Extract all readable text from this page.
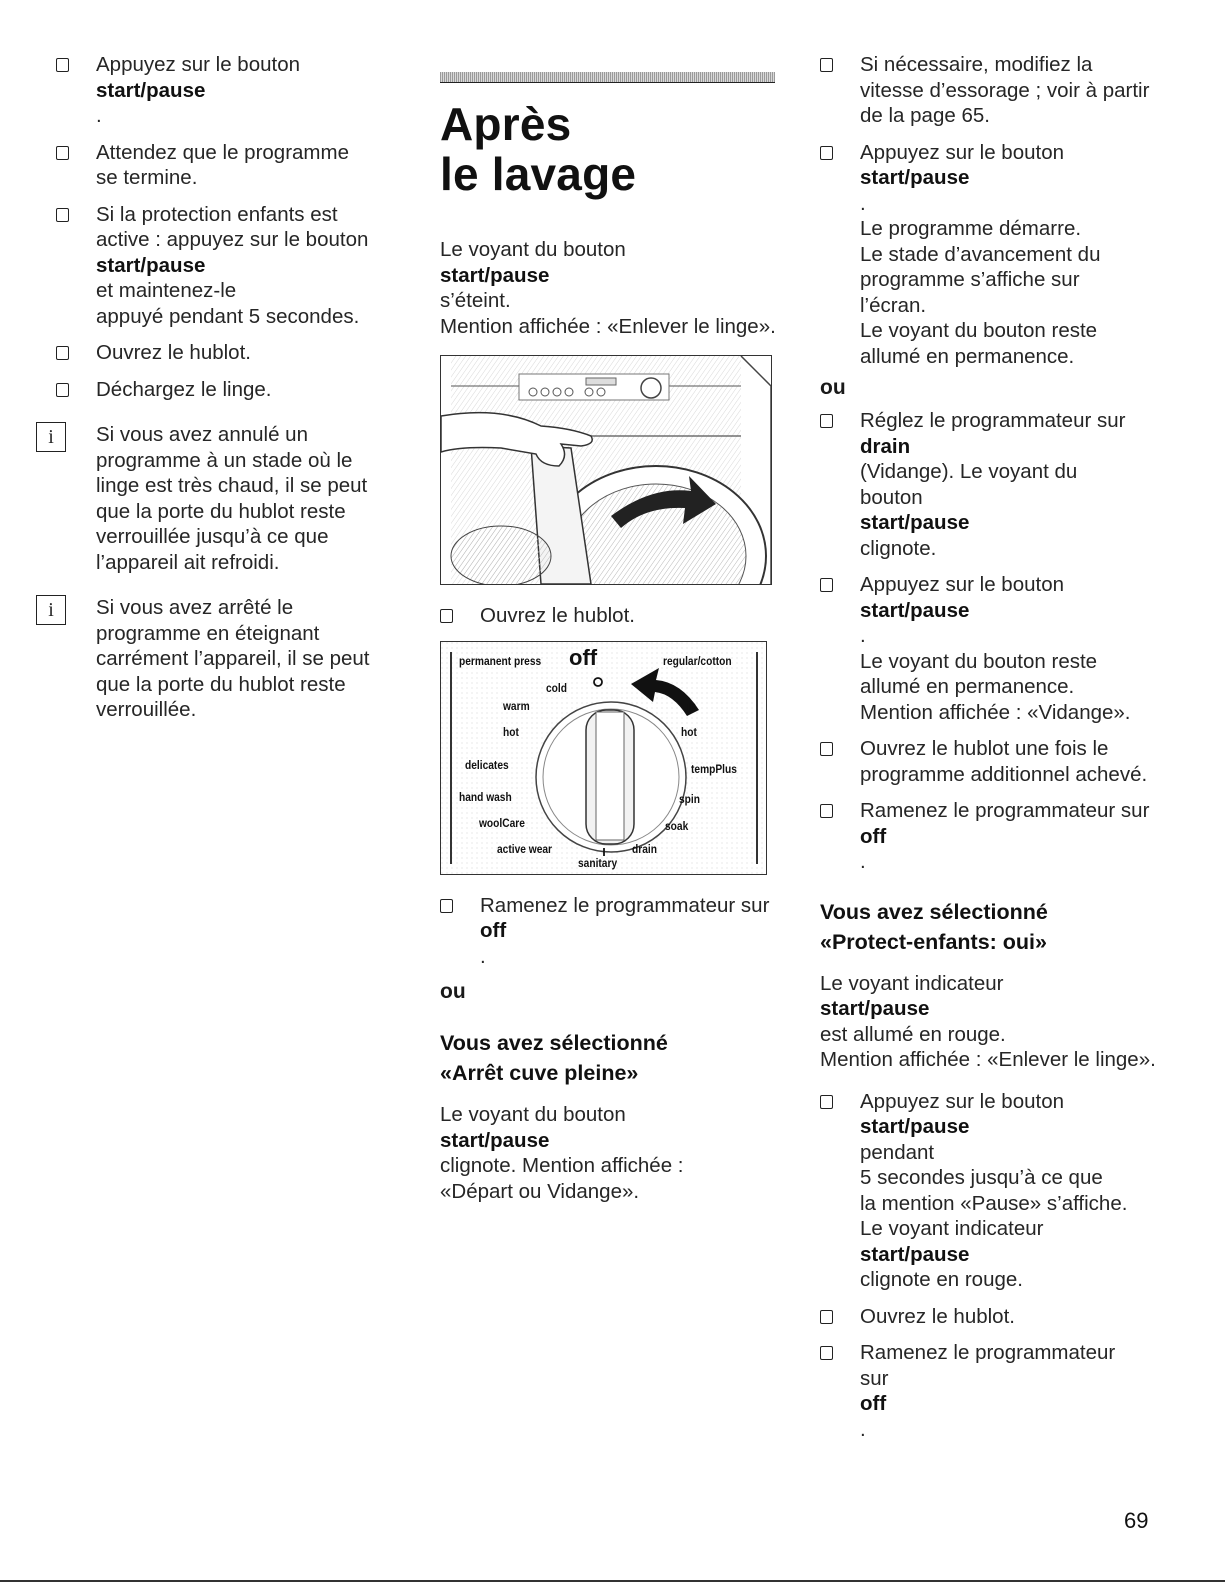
Appuyez sur le bouton
start/pause
.
Attendez que le programme
se termine.
Si la protection enfants est
active : appuyez sur le bouton
start/pause
et maintenez-le
appuyé pendant 5 secondes.
Ouvrez le hublot.
Déchargez le linge.
i	Si vous avez annulé un
programme à un stade où le
linge est très chaud, il se peut
que la porte du hublot reste
verrouillée jusqu’à ce que
l’appareil ait refroidi.
i	Si vous avez arrêté le
programme en éteignant
carrément l’appareil, il se peut
que la porte du hublot reste
verrouillée.
Après
le lavage
Le voyant du bouton
start/pause
s’éteint.
Mention affichée : «Enlever le linge».
Ouvrez le hublot.
permanent press off	regular/cotton
cold
warm	m
hot	hot
delicates	tempPlus
hand wash	spin
woolCare	soak
active wear	drain
sanitary
Ramenez le programmateur sur
off
.
ou
Vous avez sélectionné
«Arrêt cuve pleine»
Le voyant du bouton
start/pause
clignote. Mention affichée :
«Départ ou Vidange».
Si nécessaire, modifiez la
vitesse d’essorage ; voir à partir
de la page 65.
Appuyez sur le bouton
start/pause
.
Le programme démarre.
Le stade d’avancement du
programme s’affiche sur
l’écran.
Le voyant du bouton reste
allumé en permanence.
ou
Réglez le programmateur sur
drain
(Vidange). Le voyant du
bouton
start/pause
clignote.
Appuyez sur le bouton
start/pause
.
Le voyant du bouton reste
allumé en permanence.
Mention affichée : «Vidange».
Ouvrez le hublot une fois le
programme additionnel achevé.
Ramenez le programmateur sur
off
.
Vous avez sélectionné
«Protect-enfants: oui»
Le voyant indicateur
start/pause
est allumé en rouge.
Mention affichée : «Enlever le linge».
Appuyez sur le bouton
start/pause
pendant
5 secondes jusqu’à ce que
la mention «Pause» s’affiche.
Le voyant indicateur
start/pause
clignote en rouge.
Ouvrez le hublot.
Ramenez le programmateur
sur
off
.
69
